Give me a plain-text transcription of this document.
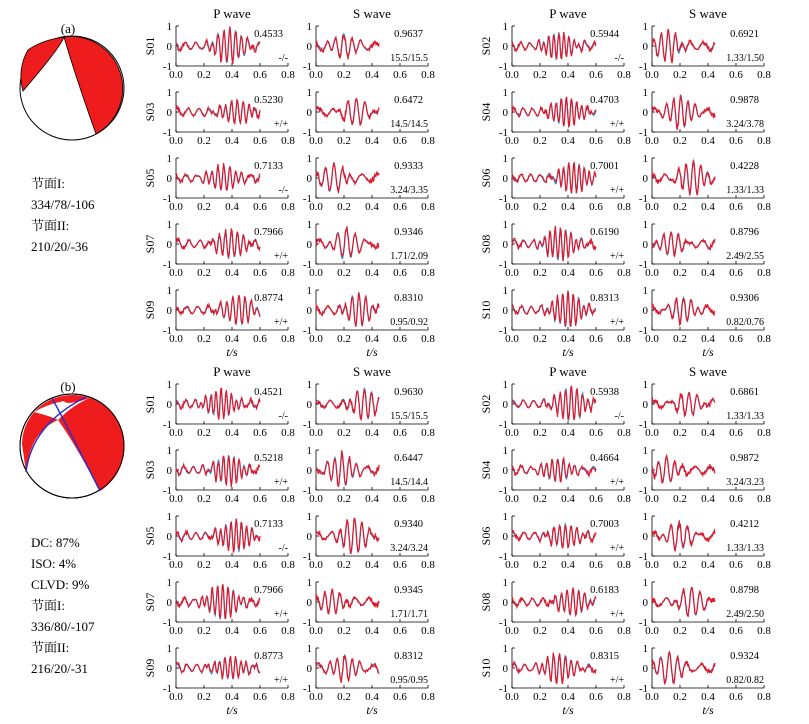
P wave	S wave	P wave	S wave
(a)
节面I:
334/78/-106
节面II:
210/20/-36
1
0
-1
0.0 0.2 0.4 0.6 0.8
0.4533
-/-
S01
1
0
-1
0.0 0.2 0.4 0.6 0.8
0.9637
15.5/15.5
1
0
-1
0.0 0.2 0.4 0.6 0.8
0.5944
-/-
S02
1
0
-1
0.0 0.2 0.4 0.6 0.8
0.6921
1.33/1.50
1
0
-1
0.0 0.2 0.4 0.6 0.8
0.5230
+/+
S03
1
0
-1
0.0 0.2 0.4 0.6 0.8
0.6472
14.5/14.5
1
0
-1
0.0 0.2 0.4 0.6 0.8
0.4703
+/+
S04
1
0
-1
0.0 0.2 0.4 0.6 0.8
0.9878
3.24/3.78
1
0
-1
0.0 0.2 0.4 0.6 0.8
0.7133
-/-
S05
1
0
-1
0.0 0.2 0.4 0.6 0.8
0.9333
3.24/3.35
1
0
-1
0.0 0.2 0.4 0.6 0.8
0.7001
+/+
S06
1
0
-1
0.0 0.2 0.4 0.6 0.8
0.4228
1.33/1.33
1
0
-1
0.0 0.2 0.4 0.6 0.8
0.7966
+/+
S07
1
0
-1
0.0 0.2 0.4 0.6 0.8
0.9346
1.71/2.09
1
0
-1
0.0 0.2 0.4 0.6 0.8
0.6190
+/+
S08
1
0
-1
0.0 0.2 0.4 0.6 0.8
0.8796
2.49/2.55
1
0
-1
0.0 0.2 0.4 0.6 0.8
0.8774
+/+
S09
1
0
-1
0.0 0.2 0.4 0.6 0.8
0.8310
0.95/0.92
1
0
-1
0.0 0.2 0.4 0.6 0.8
0.8313
+/+
S10
1
0
-1
0.0 0.2 0.4 0.6 0.8
0.9306
0.82/0.76
t/s	t/s	t/s	t/s
P wave	S wave	P wave	S wave
(b)
DC: 87%
ISO: 4%
CLVD: 9%
节面I:
336/80/-107
节面II:
216/20/-31
1
0
-1
0.0 0.2 0.4 0.6 0.8
0.4521
-/-
S01
1
0
-1
0.0 0.2 0.4 0.6 0.8
0.9630
15.5/15.5
1
0
-1
0.0 0.2 0.4 0.6 0.8
0.5938
-/-
S02
1
0
-1
0.0 0.2 0.4 0.6 0.8
0.6861
1.33/1.33
1
0
-1
0.0 0.2 0.4 0.6 0.8
0.5218
+/+
S03
1
0
-1
0.0 0.2 0.4 0.6 0.8
0.6447
14.5/14.4
1
0
-1
0.0 0.2 0.4 0.6 0.8
0.4664
+/+
S04
1
0
-1
0.0 0.2 0.4 0.6 0.8
0.9872
3.24/3.23
1
0
-1
0.0 0.2 0.4 0.6 0.8
0.7133
-/-
S05
1
0
-1
0.0 0.2 0.4 0.6 0.8
0.9340
3.24/3.24
1
0
-1
0.0 0.2 0.4 0.6 0.8
0.7003
+/+
S06
1
0
-1
0.0 0.2 0.4 0.6 0.8
0.4212
1.33/1.33
1
0
-1
0.0 0.2 0.4 0.6 0.8
0.7966
+/+
S07
1
0
-1
0.0 0.2 0.4 0.6 0.8
0.9345
1.71/1.71
1
0
-1
0.0 0.2 0.4 0.6 0.8
0.6183
+/+
S08
1
0
-1
0.0 0.2 0.4 0.6 0.8
0.8798
2.49/2.50
1
0
-1
0.0 0.2 0.4 0.6 0.8
0.8773
+/+
S09
1
0
-1
0.0 0.2 0.4 0.6 0.8
0.8312
0.95/0.95
1
0
-1
0.0 0.2 0.4 0.6 0.8
0.8315
+/+
S10
1
0
-1
0.0 0.2 0.4 0.6 0.8
0.9324
0.82/0.82
t/s	t/s	t/s	t/s
